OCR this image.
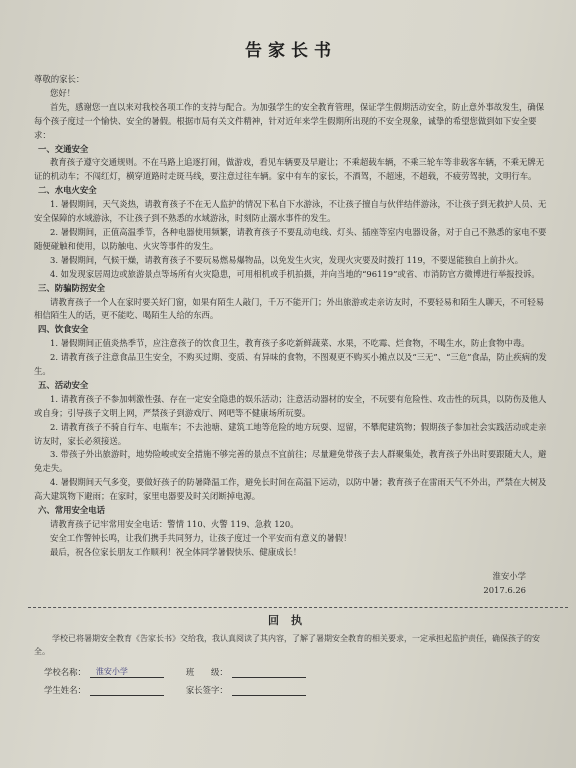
告家长书

尊敬的家长：

您好！

首先，感谢您一直以来对我校各项工作的支持与配合。为加强学生的安全教育管理，保证学生假期活动安全，防止意外事故发生，确保每个孩子度过一个愉快、安全的暑假。根据市局有关文件精神，针对近年来学生假期所出现的不安全现象，诚挚的希望您做到如下安全要求：

一、交通安全

教育孩子遵守交通规则。不在马路上追逐打闹，做游戏，看见车辆要及早避让；不乘超载车辆，不乘三轮车等非载客车辆，不乘无牌无证的机动车；不闯红灯，横穿道路时走斑马线，要注意过往车辆。家中有车的家长，不酒驾，不超速，不超载，不疲劳驾驶，文明行车。

二、水电火安全

1. 暑假期间，天气炎热，请教育孩子不在无人监护的情况下私自下水游泳，不让孩子擅自与伙伴结伴游泳，不让孩子到无救护人员、无安全保障的水域游泳，不让孩子到不熟悉的水域游泳，时刻防止溺水事件的发生。

2. 暑假期间，正值高温季节，各种电器使用频繁，请教育孩子不要乱动电线、灯头、插座等室内电器设备，对于自己不熟悉的家电不要随便碰触和使用，以防触电、火灾等事件的发生。

3. 暑假期间，气候干燥，请教育孩子不要玩易燃易爆物品，以免发生火灾，发现火灾要及时拨打 119，不要逞能独自上前扑火。

4. 如发现家居周边或旅游景点等场所有火灾隐患，可用相机或手机拍摄，并向当地的“96119”或省、市消防官方微博进行举报投诉。

三、防骗防拐安全

请教育孩子一个人在家时要关好门窗，如果有陌生人敲门，千万不能开门；外出旅游或走亲访友时，不要轻易和陌生人聊天，不可轻易相信陌生人的话，更不能吃、喝陌生人给的东西。

四、饮食安全

1. 暑假期间正值炎热季节，应注意孩子的饮食卫生，教育孩子多吃新鲜蔬菜、水果，不吃霉、烂食物，不喝生水，防止食物中毒。

2. 请教育孩子注意食品卫生安全，不购买过期、变质、有异味的食物，不图观更不购买小摊点以及“三无”、“三危”食品，防止疾病的发生。

五、活动安全

1. 请教育孩子不参加刺激性强、存在一定安全隐患的娱乐活动；注意活动器材的安全，不玩要有危险性、攻击性的玩具，以防伤及他人或自身；引导孩子文明上网，严禁孩子到游戏厅、网吧等不健康场所玩耍。

2. 请教育孩子不骑自行车、电瓶车；不去池塘、建筑工地等危险的地方玩耍、逗留，不攀爬建筑物；假期孩子参加社会实践活动或走亲访友时，家长必须接送。

3. 带孩子外出旅游时，地势险峻或安全措施不够完善的景点不宜前往；尽量避免带孩子去人群聚集处，教育孩子外出时要跟随大人，避免走失。

4. 暑假期间天气多变，要做好孩子的防暑降温工作，避免长时间在高温下运动，以防中暑；教育孩子在雷雨天气不外出，严禁在大树及高大建筑物下避雨；在家时，家里电器要及时关闭断掉电源。

六、常用安全电话

请教育孩子记牢常用安全电话：警情 110、火警 119、急救 120。

安全工作警钟长鸣，让我们携手共同努力，让孩子度过一个平安而有意义的暑假！

最后，祝各位家长朋友工作顺利！祝全体同学暑假快乐、健康成长！

淮安小学
2017.6.26
回执

学校已将暑期安全教育《告家长书》交给我，我认真阅读了其内容，了解了暑期安全教育的相关要求，一定承担起监护责任，确保孩子的安全。

学校名称：	淮安小学	班　　级：
学生姓名：	家长签字：
